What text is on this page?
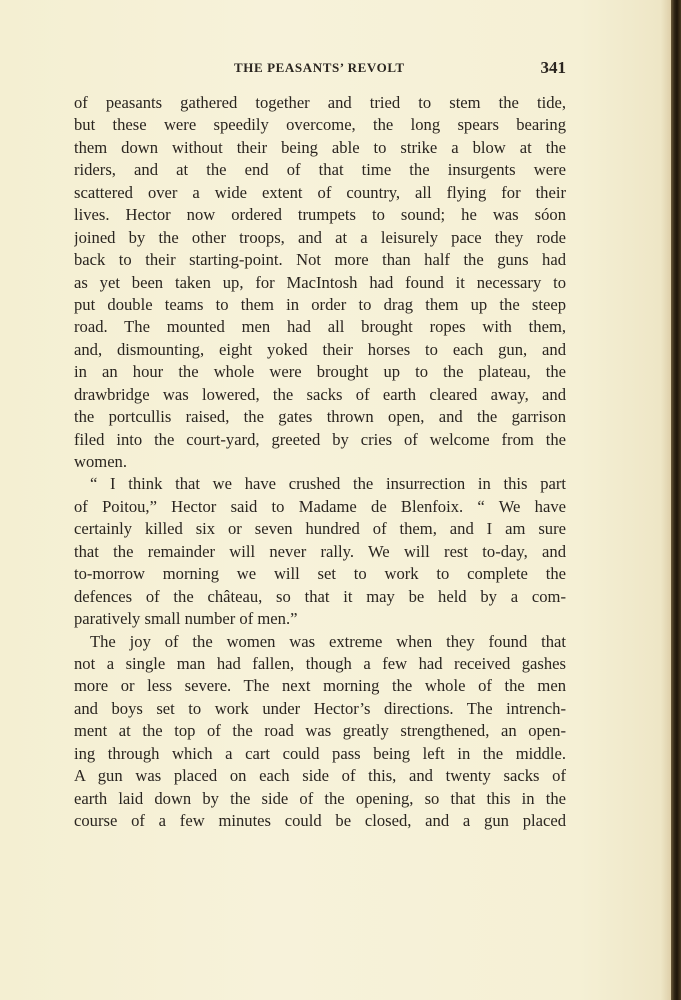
THE PEASANTS’ REVOLT	341
of peasants gathered together and tried to stem the tide,
but these were speedily overcome, the long spears bearing
them down without their being able to strike a blow at the
riders, and at the end of that time the insurgents were
scattered over a wide extent of country, all flying for their
lives. Hector now ordered trumpets to sound; he was sóon
joined by the other troops, and at a leisurely pace they rode
back to their starting-point. Not more than half the guns had
as yet been taken up, for MacIntosh had found it necessary to
put double teams to them in order to drag them up the steep
road. The mounted men had all brought ropes with them,
and, dismounting, eight yoked their horses to each gun, and
in an hour the whole were brought up to the plateau, the
drawbridge was lowered, the sacks of earth cleared away, and
the portcullis raised, the gates thrown open, and the garrison
filed into the court-yard, greeted by cries of welcome from the
women.
“ I think that we have crushed the insurrection in this part
of Poitou,” Hector said to Madame de Blenfoix. “ We have
certainly killed six or seven hundred of them, and I am sure
that the remainder will never rally. We will rest to-day, and
to-morrow morning we will set to work to complete the
defences of the château, so that it may be held by a com-
paratively small number of men.”
The joy of the women was extreme when they found that
not a single man had fallen, though a few had received gashes
more or less severe. The next morning the whole of the men
and boys set to work under Hector’s directions. The intrench-
ment at the top of the road was greatly strengthened, an open-
ing through which a cart could pass being left in the middle.
A gun was placed on each side of this, and twenty sacks of
earth laid down by the side of the opening, so that this in the
course of a few minutes could be closed, and a gun placed
